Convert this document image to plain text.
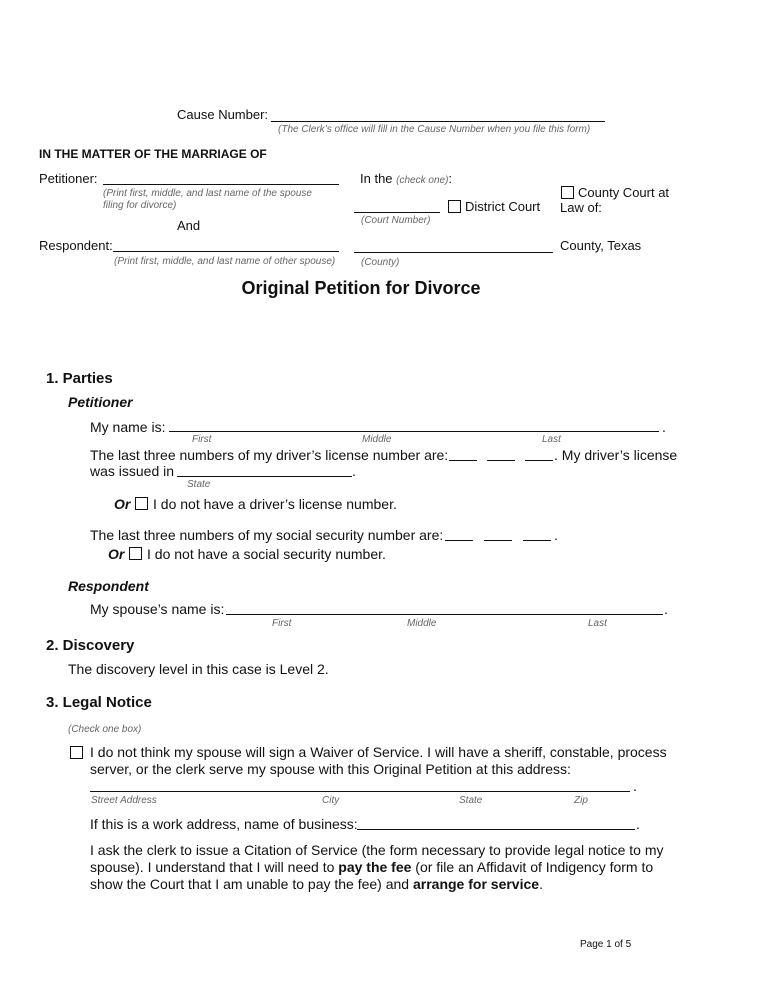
Cause Number:
(The Clerk’s office will fill in the Cause Number when you file this form)
IN THE MATTER OF THE MARRIAGE OF
Petitioner:
(Print first, middle, and last name of the spouse
filing for divorce)
And
Respondent:
(Print first, middle, and last name of other spouse)
In the (check one):
(Court Number)
District Court
County Court at
Law of:
(County)
County, Texas
Original Petition for Divorce
1. Parties
Petitioner
My name is:	.
First	Middle	Last
The last three numbers of my driver’s license number are:	. My driver’s license
was issued in	.
State
Or I do not have a driver’s license number.
The last three numbers of my social security number are:	.
Or I do not have a social security number.
Respondent
My spouse’s name is:	.
First	Middle	Last
2. Discovery
The discovery level in this case is Level 2.
3. Legal Notice
(Check one box)
I do not think my spouse will sign a Waiver of Service. I will have a sheriff, constable, process
server, or the clerk serve my spouse with this Original Petition at this address:
.
Street Address	City	State	Zip
If this is a work address, name of business:	.
I ask the clerk to issue a Citation of Service (the form necessary to provide legal notice to my
spouse). I understand that I will need to pay the fee (or file an Affidavit of Indigency form to
show the Court that I am unable to pay the fee) and arrange for service.
Page 1 of 5
